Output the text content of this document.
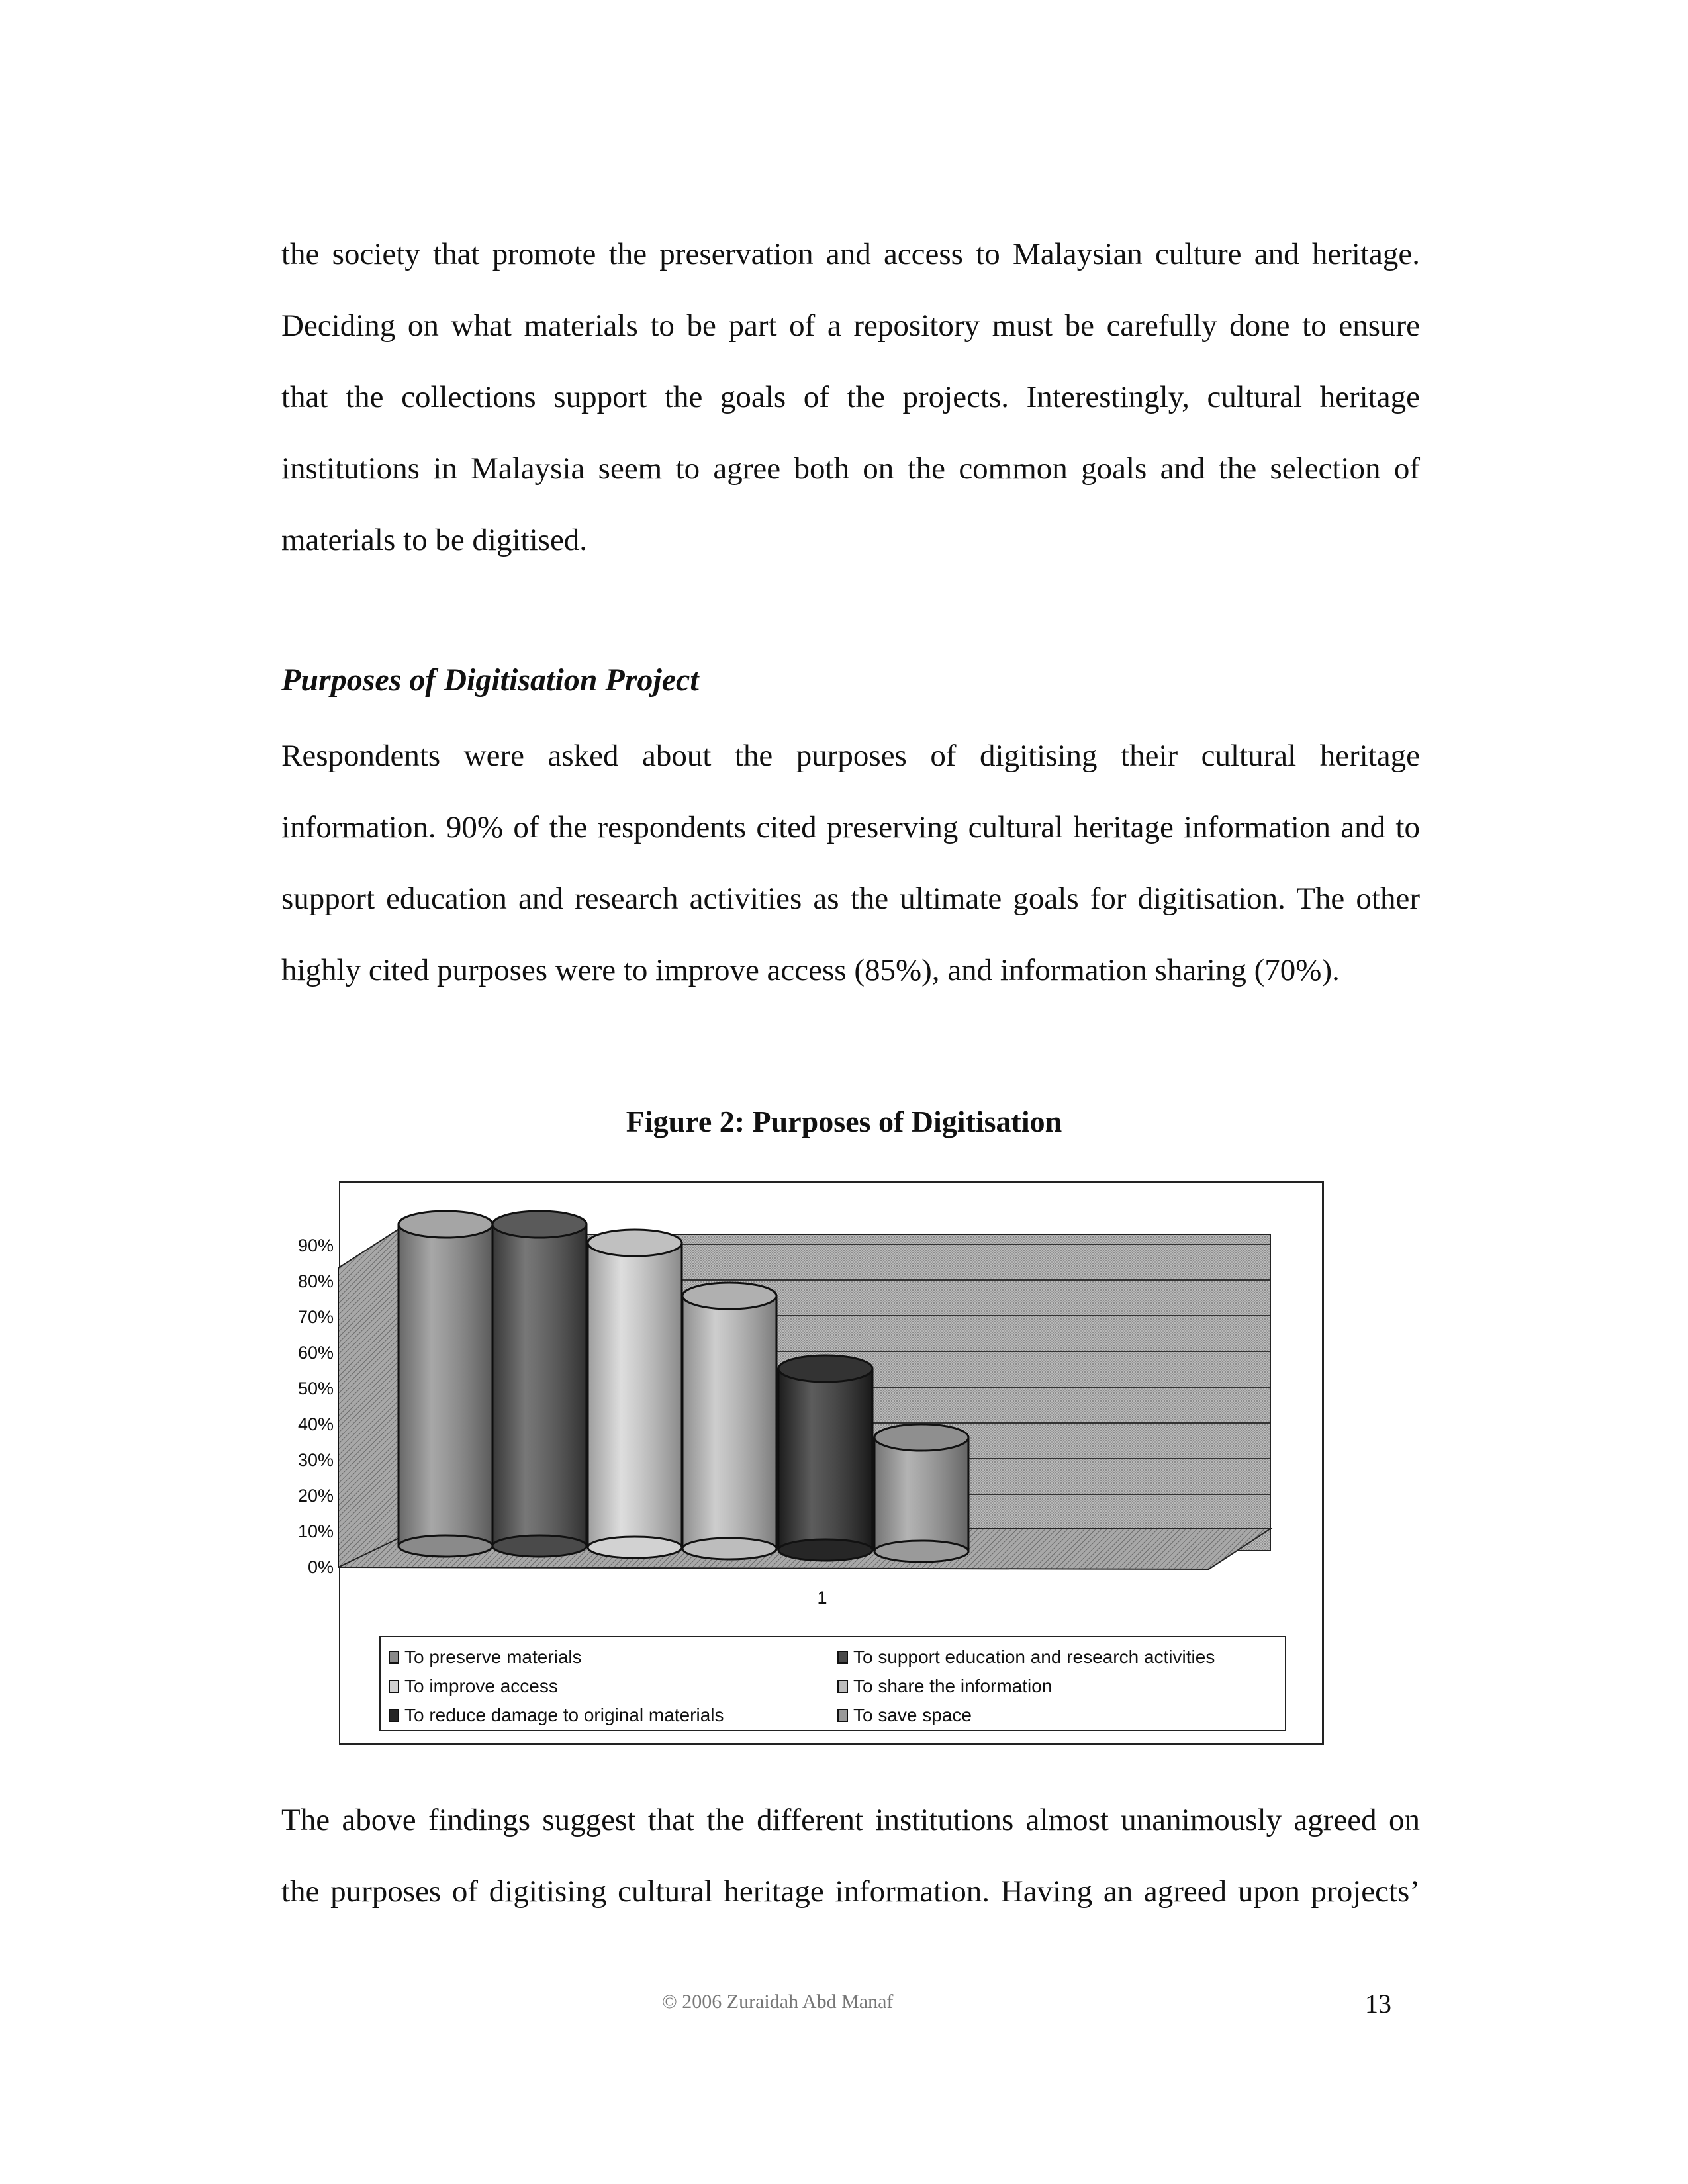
the society that promote the preservation and access to Malaysian culture and heritage.
Deciding on what materials to be part of a repository must be carefully done to ensure
that the collections support the goals of the projects. Interestingly, cultural heritage
institutions in Malaysia seem to agree both on the common goals and the selection of
materials to be digitised.
Purposes of Digitisation Project
Respondents were asked about the purposes of digitising their cultural heritage
information. 90% of the respondents cited preserving cultural heritage information and to
support education and research activities as the ultimate goals for digitisation. The other
highly cited purposes were to improve access (85%), and information sharing (70%).
Figure 2: Purposes of Digitisation
0%
10%
20%
30%
40%
50%
60%
70%
80%
90%
1
To preserve materials	To support education and research activities
To improve access	To share the information
To reduce damage to original materials	To save space
The above findings suggest that the different institutions almost unanimously agreed on
the purposes of digitising cultural heritage information. Having an agreed upon projects’
© 2006 Zuraidah Abd Manaf	13
